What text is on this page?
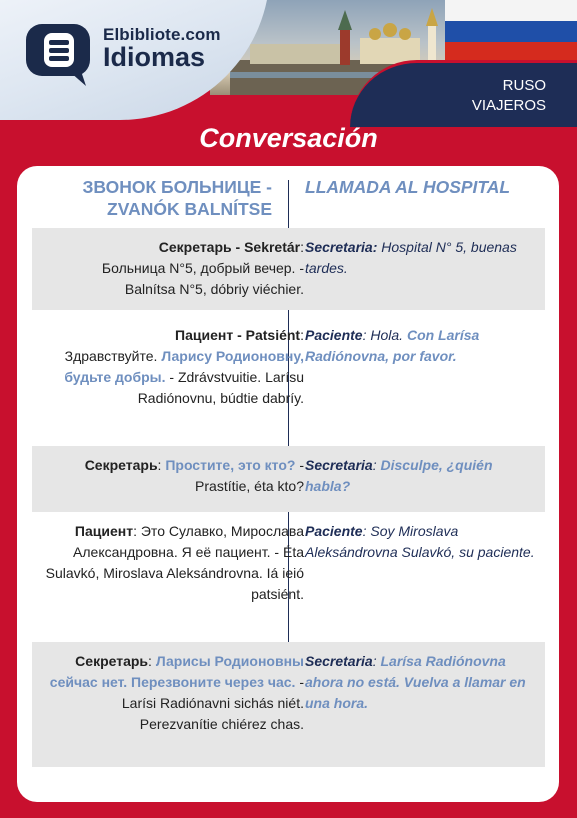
Elbibliote.com
Idiomas
RUSO
VIAJEROS
Conversación
ЗВОНОК БОЛЬНИЦЕ - ZVANÓK BALNÍTSE
LLAMADA AL HOSPITAL
Секретарь - Sekretár:
Больница N°5, добрый вечер. -
Balnítsa N°5, dóbriy viéchier.
Secretaria: Hospital N° 5, buenas tardes.
Пациент - Patsiént:
Здравствуйте. Ларису Родионовну, будьте добры. - Zdrávstvuitie. Larísu Radiónovnu, búdtie dabríy.
Paciente: Hola. Con Larísa Radiónovna, por favor.
Секретарь: Простите, это кто? - Prastítie, éta kto?
Secretaria: Disculpe, ¿quién habla?
Пациент: Это Сулавко, Мирослава Александровна. Я её пациент. - Éta Sulavkó, Miroslava Aleksándrovna. Iá ieió patsiént.
Paciente: Soy Miroslava Aleksándrovna Sulavkó, su paciente.
Секретарь: Ларисы Родионовны сейчас нет. Перезвоните через час. - Larísi Radiónavni sichás niét. Perezvanítie chiérez chas.
Secretaria: Larísa Radiónovna ahora no está. Vuelva a llamar en una hora.
